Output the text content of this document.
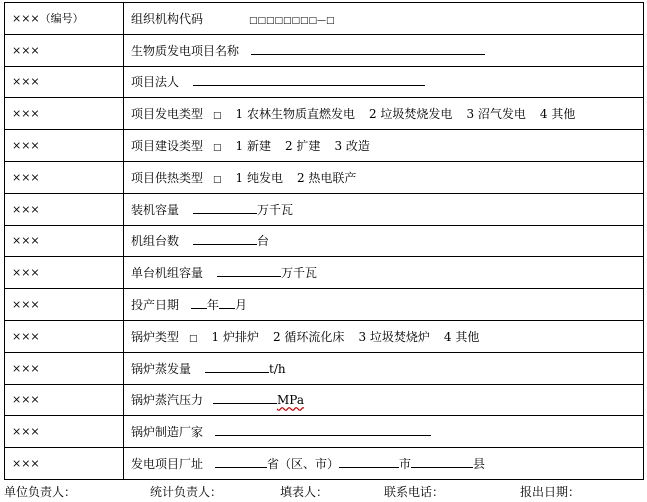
×××（编号）	组织机构代码 □□□□□□□□—□
×××	生物质发电项目名称
×××	项目法人
×××	项目发电类型 □ 1 农林生物质直燃发电 2 垃圾焚烧发电 3 沼气发电 4 其他
×××	项目建设类型 □ 1 新建 2 扩建 3 改造
×××	项目供热类型 □ 1 纯发电 2 热电联产
×××	装机容量 万千瓦
×××	机组台数 台
×××	单台机组容量 万千瓦
×××	投产日期 年 月
×××	锅炉类型 □ 1 炉排炉 2 循环流化床 3 垃圾焚烧炉 4 其他
×××	锅炉蒸发量 t/h
×××	锅炉蒸汽压力 MPa
×××	锅炉制造厂家
×××	发电项目厂址 省（区、市） 市 县
单位负责人：	统计负责人：	填表人：	联系电话：	报出日期：
